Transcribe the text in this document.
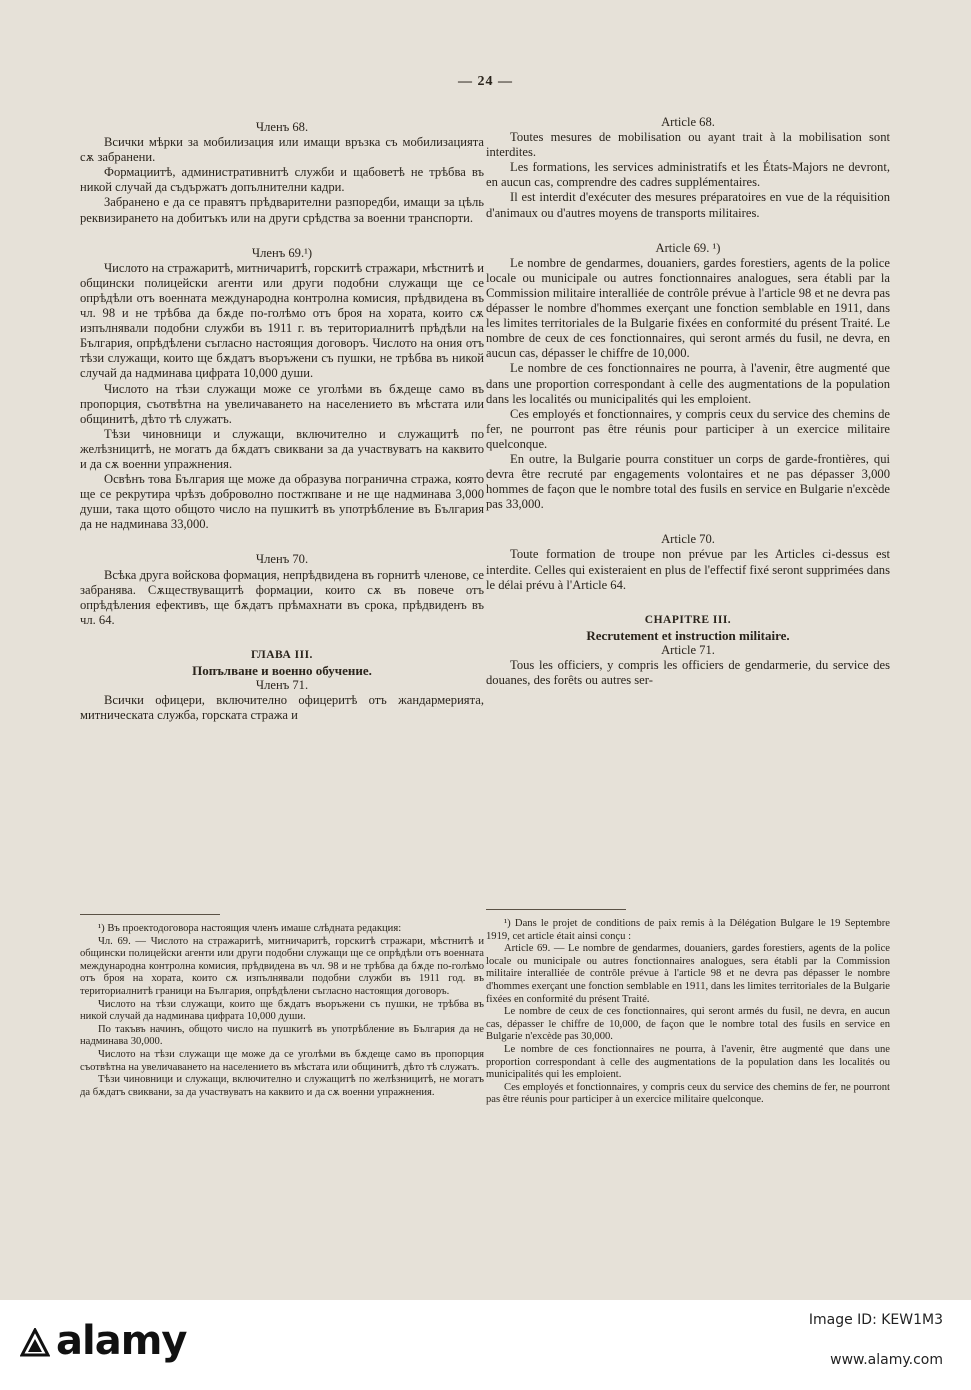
— 24 —

Членъ 68.

Всички мѣрки за мобилизация или имащи връзка съ мобилизацията сѫ забранени.

Формациитѣ, административнитѣ служби и щабоветѣ не трѣбва въ никой случай да съдържатъ допълнителни кадри.

Забранено е да се правятъ прѣдварителни разпоредби, имащи за цѣль реквизирането на добитъкъ или на други срѣдства за военни транспорти.

Членъ 69.¹)

Числото на стражаритѣ, митничаритѣ, горскитѣ стражари, мѣстнитѣ и общински полицейски агенти или други подобни служащи ще се опрѣдѣли отъ военната международна контролна комисия, прѣдвидена въ чл. 98 и не трѣбва да бѫде по-голѣмо отъ броя на хората, които сѫ изпълнявали подобни служби въ 1911 г. въ териториалнитѣ прѣдѣли на България, опрѣдѣлени съгласно настоящия договоръ. Числото на ония отъ тѣзи служащи, които ще бѫдатъ въоръжени съ пушки, не трѣбва въ никой случай да надминава цифрата 10,000 души.

Числото на тѣзи служащи може се уголѣми въ бѫдеще само въ пропорция, съотвѣтна на увеличаването на населението въ мѣстата или общинитѣ, дѣто тѣ служатъ.

Тѣзи чиновници и служащи, включително и служащитѣ по желѣзницитѣ, не могатъ да бѫдатъ свиквани за да участвуватъ на каквито и да сѫ военни упражнения.

Освѣнъ това България ще може да образува погранична стража, която ще се рекрутира чрѣзъ доброволно постжпване и не ще надминава 3,000 души, така щото общото число на пушкитѣ въ употрѣбление въ България да не надминава 33,000.

Членъ 70.

Всѣка друга войскова формация, непрѣдвидена въ горнитѣ членове, се забранява. Сѫществуващитѣ формации, които сѫ въ повече отъ опрѣдѣления ефективъ, ще бѫдатъ прѣмахнати въ срока, прѣдвиденъ въ чл. 64.

ГЛАВА III.

Попълване и военно обучение.

Членъ 71.

Всички офицери, включително офицеритѣ отъ жандармерията, митническата служба, горската стража и

¹) Въ проектодоговора настоящия членъ имаше слѣдната редакция:

Чл. 69. — Числото на стражаритѣ, митничаритѣ, горскитѣ стражари, мѣстнитѣ и общински полицейски агенти или други подобни служащи ще се опрѣдѣли отъ военната международна контролна комисия, прѣдвидена въ чл. 98 и не трѣбва да бѫде по-голѣмо отъ броя на хората, които сѫ изпълнявали подобни служби въ 1911 год. въ териториалнитѣ граници на България, опрѣдѣлени съгласно настоящия договоръ.

Числото на тѣзи служащи, които ще бѫдатъ въоръжени съ пушки, не трѣбва въ никой случай да надминава цифрата 10,000 души.

По такъвъ начинъ, общото число на пушкитѣ въ употрѣбление въ България да не надминава 30,000.

Числото на тѣзи служащи ще може да се уголѣми въ бѫдеще само въ пропорция съотвѣтна на увеличаването на населението въ мѣстата или общинитѣ, дѣто тѣ служатъ.

Тѣзи чиновници и служащи, включително и служащитѣ по желѣзницитѣ, не могатъ да бѫдатъ свиквани, за да участвуватъ на каквито и да сѫ военни упражнения.

Article 68.

Toutes mesures de mobilisation ou ayant trait à la mobilisation sont interdites.

Les formations, les services administratifs et les États-Majors ne devront, en aucun cas, comprendre des cadres supplémentaires.

Il est interdit d'exécuter des mesures préparatoires en vue de la réquisition d'animaux ou d'autres moyens de transports militaires.

Article 69. ¹)

Le nombre de gendarmes, douaniers, gardes forestiers, agents de la police locale ou municipale ou autres fonctionnaires analogues, sera établi par la Commission militaire interalliée de contrôle prévue à l'article 98 et ne devra pas dépasser le nombre d'hommes exerçant une fonction semblable en 1911, dans les limites territoriales de la Bulgarie fixées en conformité du présent Traité. Le nombre de ceux de ces fonctionnaires, qui seront armés du fusil, ne devra, en aucun cas, dépasser le chiffre de 10,000.

Le nombre de ces fonctionnaires ne pourra, à l'avenir, être augmenté que dans une proportion correspondant à celle des augmentations de la population dans les localités ou municipalités qui les emploient.

Ces employés et fonctionnaires, y compris ceux du service des chemins de fer, ne pourront pas être réunis pour participer à un exercice militaire quelconque.

En outre, la Bulgarie pourra constituer un corps de garde-frontières, qui devra être recruté par engagements volontaires et ne pas dépasser 3,000 hommes de façon que le nombre total des fusils en service en Bulgarie n'excède pas 33,000.

Article 70.

Toute formation de troupe non prévue par les Articles ci-dessus est interdite. Celles qui existeraient en plus de l'effectif fixé seront supprimées dans le délai prévu à l'Article 64.

CHAPITRE III.

Recrutement et instruction militaire.

Article 71.

Tous les officiers, y compris les officiers de gendarmerie, du service des douanes, des forêts ou autres ser-

¹) Dans le projet de conditions de paix remis à la Délégation Bulgare le 19 Septembre 1919, cet article était ainsi conçu :

Article 69. — Le nombre de gendarmes, douaniers, gardes forestiers, agents de la police locale ou municipale ou autres fonctionnaires analogues, sera établi par la Commission militaire interalliée de contrôle prévue à l'article 98 et ne devra pas dépasser le nombre d'hommes exerçant une fonction semblable en 1911, dans les limites territoriales de la Bulgarie fixées en conformité du présent Traité.

Le nombre de ceux de ces fonctionnaires, qui seront armés du fusil, ne devra, en aucun cas, dépasser le chiffre de 10,000, de façon que le nombre total des fusils en service en Bulgarie n'excède pas 30,000.

Le nombre de ces fonctionnaires ne pourra, à l'avenir, être augmenté que dans une proportion correspondant à celle des augmentations de la population dans les localités ou municipalités qui les emploient.

Ces employés et fonctionnaires, y compris ceux du service des chemins de fer, ne pourront pas être réunis pour participer à un exercice militaire quelconque.

alamy	Image ID: KEW1M3
www.alamy.com
